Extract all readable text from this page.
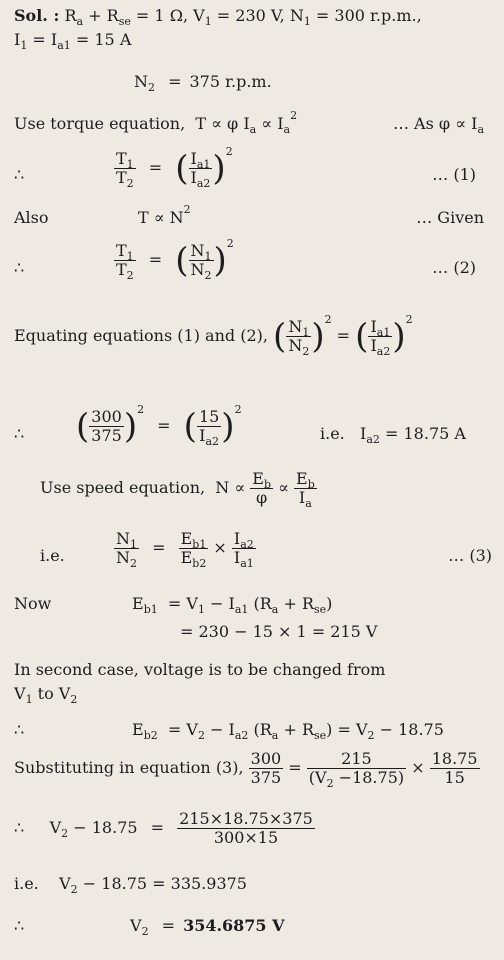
Sol. : $R_a + R_{se} = 1$ Ω, $V_1 = 230$ V, $N_1 = 300$ r.p.m.,
$I_1 = I_{a1} = 15$ A
$N_2 = 375$ r.p.m.
Use torque equation, T ∝ φ $I_a \propto I_a^2$	… As $\varphi \propto I_a$
∴	$\frac{T_1}{T_2}$ = ( $\frac{I_{a1}}{I_{a2}} )^2$
… (1)
Also	$T \propto N^2$	… Given
∴	$\frac{T_1}{T_2}$ = ( $\frac{N_1}{N_2} )^2$
… (2)
Equating equations (1) and (2), ( $\frac{N_1}{N_2} )^2$ = ( $\frac{I_{a1}}{I_{a2}} )^2$
∴ ( $\frac{300}{375} )^2$ = ( $\frac{15}{I_{a2}} )^2$
i.e. $I_{a2} = 18.75$ A
Use speed equation,  $N \propto \frac{E_b}{\varphi} \propto \frac{E_b}{I_a}$
i.e.	$\frac{N_1}{N_2} = \frac{E_{b1}}{E_{b2}} \times \frac{I_{a2}}{I_{a1}}$	… (3)
Now	$E_{b1} = V_1 - I_{a1}$ $(R_a + R_{se})$
= 230 − 15 × 1 = 215 V
In second case, voltage is to be changed from
$V_1$ to $V_2$
∴	$E_{b2} = V_2 - I_{a2}$ $(R_a + R_{se}) = V_2 - 18.75$
Substituting in equation (3), $\frac{300}{375} = \frac{215}{(V_2 -18.75)} \times \frac{18.75}{15}$
∴     $V_2 - 18.75 = \frac{215\times 18.75\times 375}{300\times 15}$
i.e.    $V_2 - 18.75 = 335.9375$
∴	$V_2 = 354.6875$ V
